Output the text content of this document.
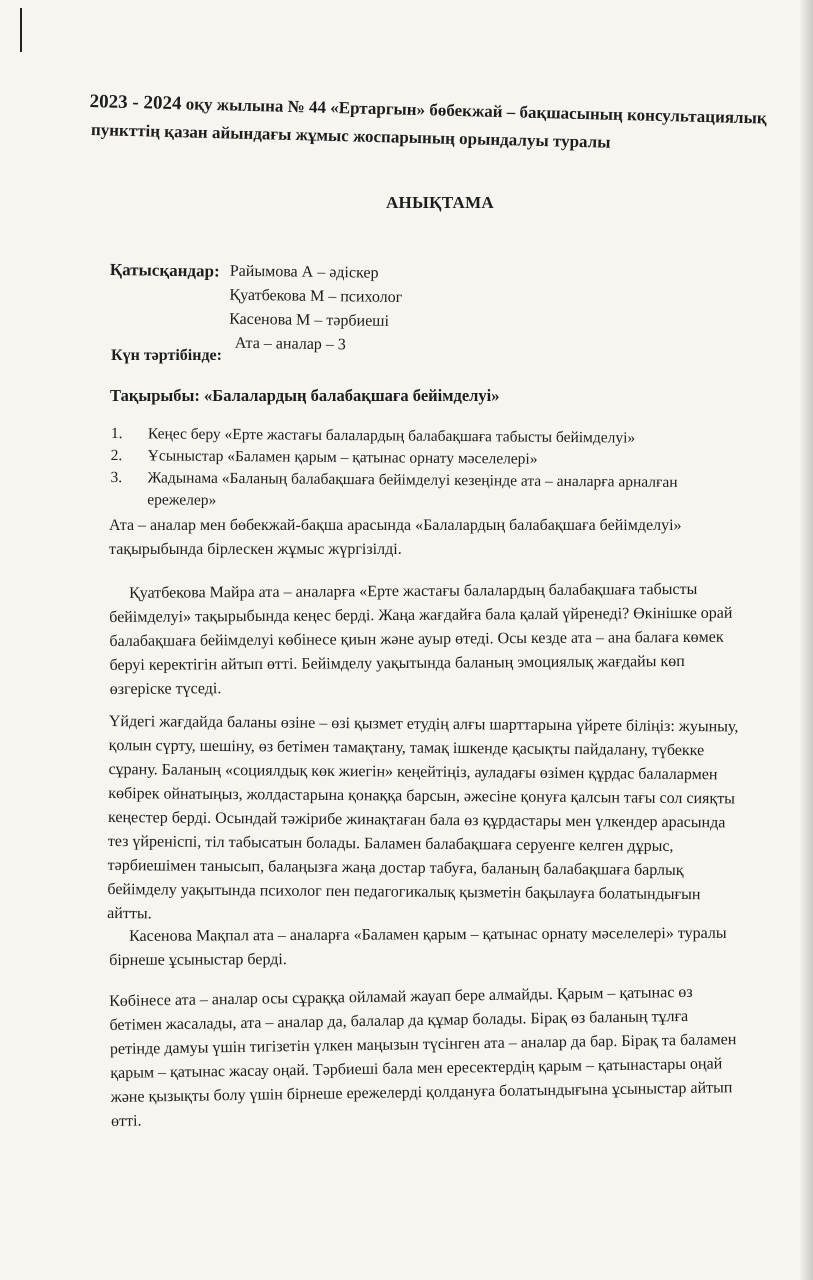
2023 - 2024 оқу жылына № 44 «Ертаргын» бөбекжай – бақшасының консультациялық
пункттің қазан айындағы жұмыс жоспарының орындалуы туралы
АНЫҚТАМА
Қатысқандар: Райымова А – әдіскер
Қуатбекова М – психолог
Касенова М – тәрбиеші
Ата – аналар – 3
Күн тәртібінде:
Тақырыбы: «Балалардың балабақшаға бейімделуі»
1.	Кеңес беру «Ерте жастағы балалардың балабақшаға табысты бейімделуі»
2.	Ұсыныстар «Баламен қарым – қатынас орнату мәселелері»
3.	Жадынама «Баланың балабақшаға бейімделуі кезеңінде ата – аналарға арналған ережелер»

Ата – аналар мен бөбекжай-бақша арасында «Балалардың балабақшаға бейімделуі» тақырыбында бірлескен жұмыс жүргізілді.

Қуатбекова Майра ата – аналарға «Ерте жастағы балалардың балабақшаға табысты бейімделуі» тақырыбында кеңес берді. Жаңа жағдайға бала қалай үйренеді? Өкінішке орай балабақшаға бейімделуі көбінесе қиын және ауыр өтеді. Осы кезде ата – ана балаға көмек беруі керектігін айтып өтті. Бейімделу уақытында баланың эмоциялық жағдайы көп өзгеріске түседі.

Үйдегі жағдайда баланы өзіне – өзі қызмет етудің алғы шарттарына үйрете біліңіз: жуыныу, қолын сүрту, шешіну, өз бетімен тамақтану, тамақ ішкенде қасықты пайдалану, түбекке сұрану. Баланың «социялдық көк жиегін» кеңейтіңіз, ауладағы өзімен құрдас балалармен көбірек ойнатыңыз, жолдастарына қонаққа барсын, әжесіне қонуға қалсын тағы сол сияқты кеңестер берді. Осындай тәжірибе жинақтаған бала өз құрдастары мен үлкендер арасында тез үйреніспі, тіл табысатын болады. Баламен балабақшаға серуенге келген дұрыс, тәрбиешімен танысып, балаңызға жаңа достар табуға, баланың балабақшаға барлық бейімделу уақытында психолог пен педагогикалық қызметін бақылауға болатындығын айтты.

Касенова Мақпал ата – аналарға «Баламен қарым – қатынас орнату мәселелері» туралы бірнеше ұсыныстар берді.

Көбінесе ата – аналар осы сұраққа ойламай жауап бере алмайды. Қарым – қатынас өз бетімен жасалады, ата – аналар да, балалар да құмар болады. Бірақ өз баланың тұлға ретінде дамуы үшін тигізетін үлкен маңызын түсінген ата – аналар да бар. Бірақ та баламен қарым – қатынас жасау оңай. Тәрбиеші бала мен ересектердің қарым – қатынастары оңай және қызықты болу үшін бірнеше ережелерді қолдануға болатындығына ұсыныстар айтып өтті.
